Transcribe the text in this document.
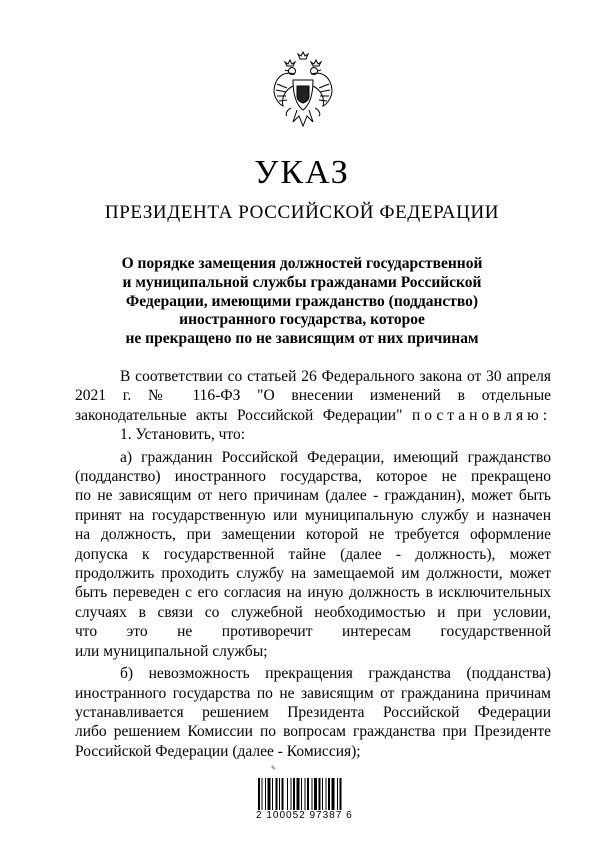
УКАЗ
ПРЕЗИДЕНТА РОССИЙСКОЙ ФЕДЕРАЦИИ
О порядке замещения должностей государственной
и муниципальной службы гражданами Российской
Федерации, имеющими гражданство (подданство)
иностранного государства, которое
не прекращено по не зависящим от них причинам

В соответствии со статьей 26 Федерального закона от 30 апреля

2021 г. № 116-ФЗ "О внесении изменений в отдельные

законодательные акты Российской Федерации" постановляю:

1. Установить, что:

а) гражданин Российской Федерации, имеющий гражданство

(подданство) иностранного государства, которое не прекращено

по не зависящим от него причинам (далее - гражданин), может быть

принят на государственную или муниципальную службу и назначен

на должность, при замещении которой не требуется оформление

допуска к государственной тайне (далее - должность), может

продолжить проходить службу на замещаемой им должности, может

быть переведен с его согласия на иную должность в исключительных

случаях в связи со служебной необходимостью и при условии,

что это не противоречит интересам государственной

или муниципальной службы;

б) невозможность прекращения гражданства (подданства)

иностранного государства по не зависящим от гражданина причинам

устанавливается решением Президента Российской Федерации

либо решением Комиссии по вопросам гражданства при Президенте

Российской Федерации (далее - Комиссия);

✎
2 100052 97387 6
